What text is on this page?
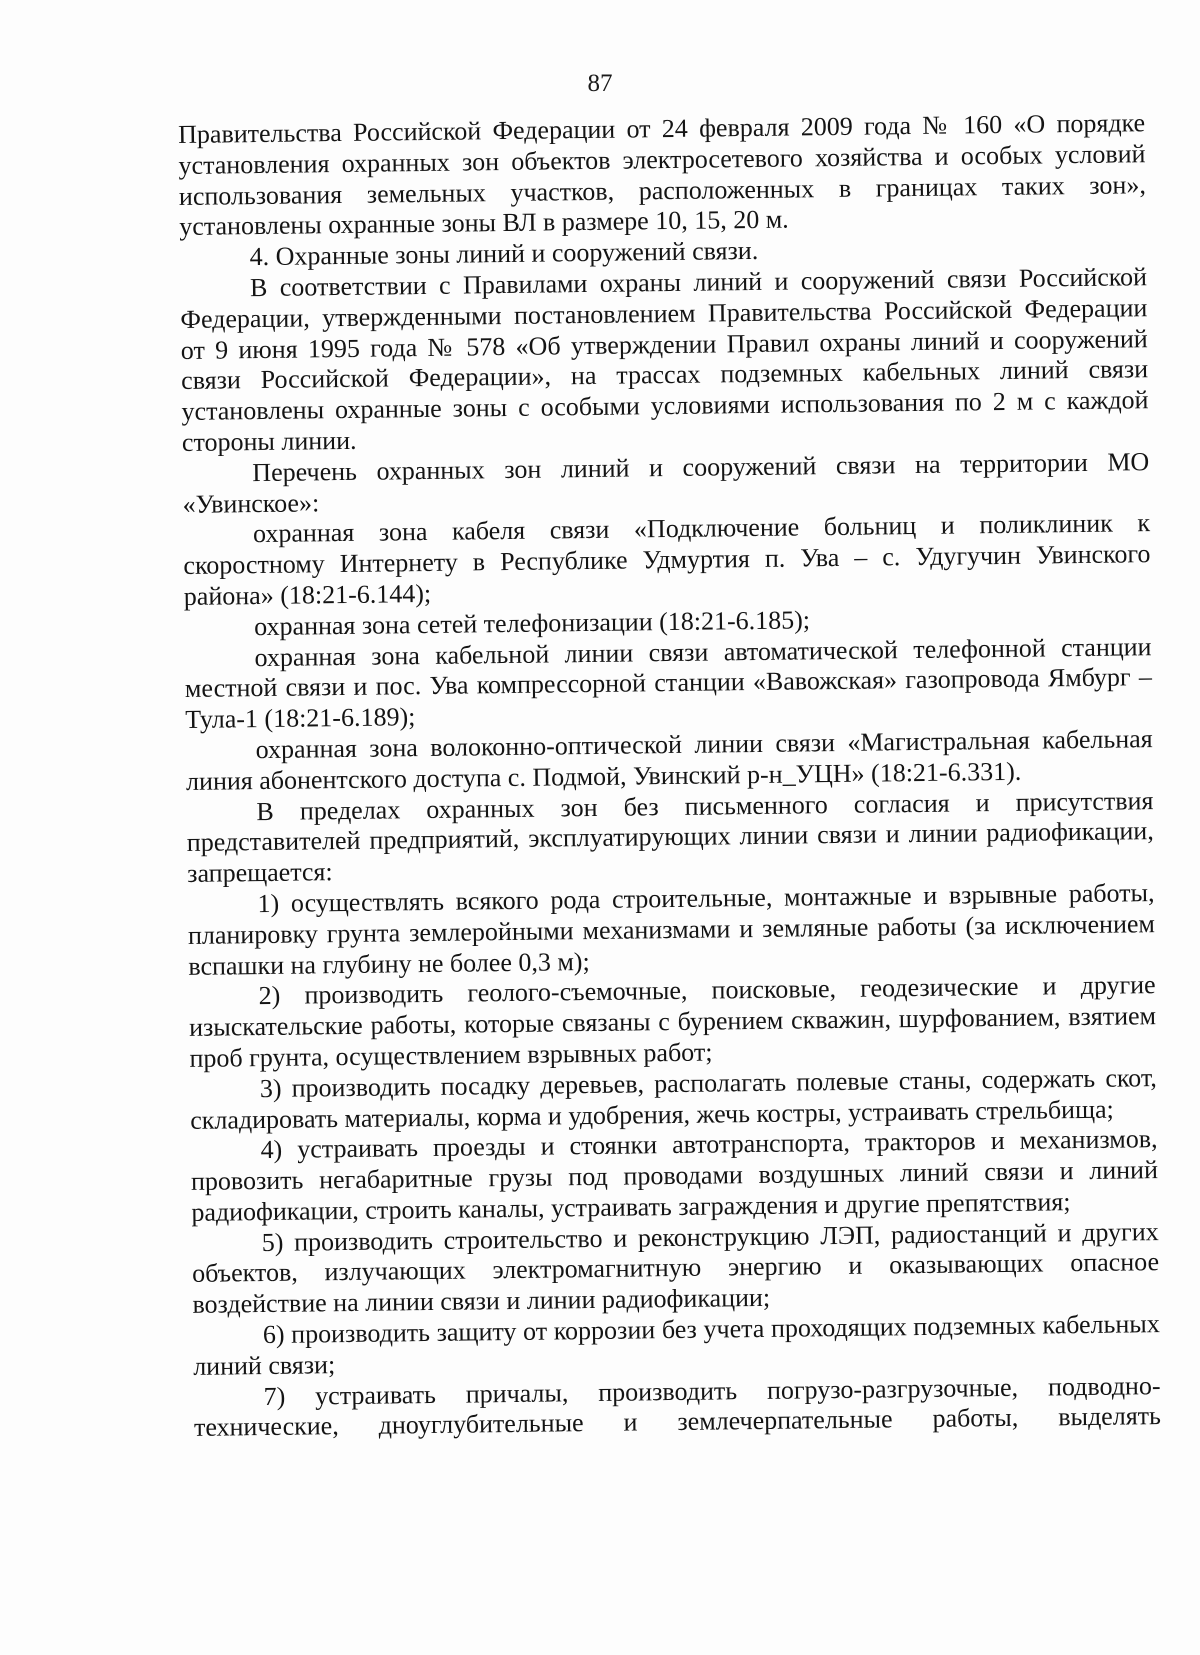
87

Правительства Российской Федерации от 24 февраля 2009 года № 160 «О порядке установления охранных зон объектов электросетевого хозяйства и особых условий использования земельных участков, расположенных в границах таких зон», установлены охранные зоны ВЛ в размере 10, 15, 20 м.

4. Охранные зоны линий и сооружений связи.

В соответствии с Правилами охраны линий и сооружений связи Российской Федерации, утвержденными постановлением Правительства Российской Федерации от 9 июня 1995 года № 578 «Об утверждении Правил охраны линий и сооружений связи Российской Федерации», на трассах подземных кабельных линий связи установлены охранные зоны с особыми условиями использования по 2 м с каждой стороны линии.

Перечень охранных зон линий и сооружений связи на территории МО «Увинское»:

охранная зона кабеля связи «Подключение больниц и поликлиник к скоростному Интернету в Республике Удмуртия п. Ува – с. Удугучин Увинского района» (18:21-6.144);

охранная зона сетей телефонизации (18:21-6.185);

охранная зона кабельной линии связи автоматической телефонной станции местной связи и пос. Ува компрессорной станции «Вавожская» газопровода Ямбург – Тула-1 (18:21-6.189);

охранная зона волоконно-оптической линии связи «Магистральная кабельная линия абонентского доступа с. Подмой, Увинский р-н_УЦН» (18:21-6.331).

В пределах охранных зон без письменного согласия и присутствия представителей предприятий, эксплуатирующих линии связи и линии радиофикации, запрещается:

1) осуществлять всякого рода строительные, монтажные и взрывные работы, планировку грунта землеройными механизмами и земляные работы (за исключением вспашки на глубину не более 0,3 м);

2) производить геолого-съемочные, поисковые, геодезические и другие изыскательские работы, которые связаны с бурением скважин, шурфованием, взятием проб грунта, осуществлением взрывных работ;

3) производить посадку деревьев, располагать полевые станы, содержать скот, складировать материалы, корма и удобрения, жечь костры, устраивать стрельбища;

4) устраивать проезды и стоянки автотранспорта, тракторов и механизмов, провозить негабаритные грузы под проводами воздушных линий связи и линий радиофикации, строить каналы, устраивать заграждения и другие препятствия;

5) производить строительство и реконструкцию ЛЭП, радиостанций и других объектов, излучающих электромагнитную энергию и оказывающих опасное воздействие на линии связи и линии радиофикации;

6) производить защиту от коррозии без учета проходящих подземных кабельных линий связи;

7) устраивать причалы, производить погрузо-разгрузочные, подводно-технические, дноуглубительные и землечерпательные работы, выделять
